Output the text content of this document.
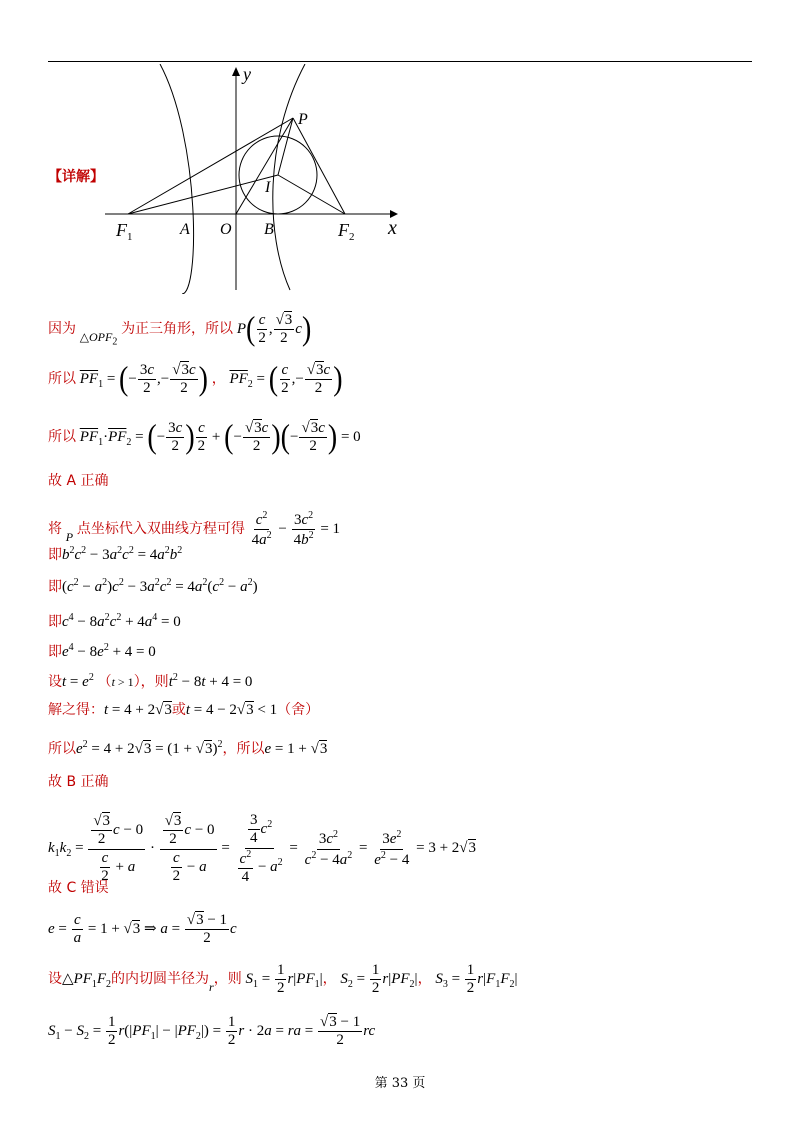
y
x
P
I
O B
A
$F_1$	$F_2$
【详解】
因为 $_{\triangle OPF_2}$ 为正三角形，所以 $P( \frac{c}{2}$ , $\frac{√3}{2} c$)
所以 $\overline{PF}_1$ = (− $\frac{3c}{2}$ ,− $\frac{√3c}{2}$ ) ， $\overline{PF}_2$ = ( $\frac{c}{2}$ ,− $\frac{√3c}{2}$ )
所以 $\overline{PF}_1\cdot\overline{PF}_2$ = (− $\frac{3c}{2}$ ) $\frac{c}{2}$ + (− $\frac{√3c}{2}$ )(− $\frac{√3c}{2}$ ) = 0
故 A 正确
将 $_P$ 点坐标代入双曲线方程可得 $\frac{c^2}{4a^2} - \frac{3c^2}{4b^2} = 1$
即$b^2c^2 - 3a^2c^2 = 4a^2b^2$
即$(c^2 - a^2)c^2 - 3a^2c^2 = 4a^2(c^2 - a^2)$
即$c^4 - 8a^2c^2 + 4a^4 = 0$
即$e^4 - 8e^2 + 4 = 0$
设$t = e^2$ （t > 1），则$t^2 - 8t + 4 = 0$
解之得：t = 4 + 2√3或t = 4 − 2√3 < 1（舍）
所以$e^2 = 4 + 2√3 = (1 + √3)^2$，所以e = 1 + √3
故 B 正确
$k_1k_2 = \frac{\frac{√3}{2} c - 0}{\frac{c}{2} + a} \cdot \frac{\frac{√3}{2} c - 0}{\frac{c}{2} - a} = \frac{\frac{3}{4} c^2}{\frac{c^2}{4} - a^2} = \frac{3c^2}{c^2 - 4a^2} = \frac{3e^2}{e^2 - 4} = 3 + 2√3$
故 C 错误
$e = \frac{c}{a} = 1 + √3$ ⇒ $a = \frac{√3 - 1}{2}$ c
设$\triangle PF_1F_2$的内切圆半径为$_r$，则 $S_1 = \frac{1}{2} r|PF_1|$， $S_2 = \frac{1}{2} r|PF_2|$， $S_3 = \frac{1}{2} r|F_1F_2|$
$S_1 - S_2 = \frac{1}{2} r(|PF_1| - |PF_2|) = \frac{1}{2}$ r · 2a = ra = $\frac{√3 - 1}{2}$ rc
第 33 页
